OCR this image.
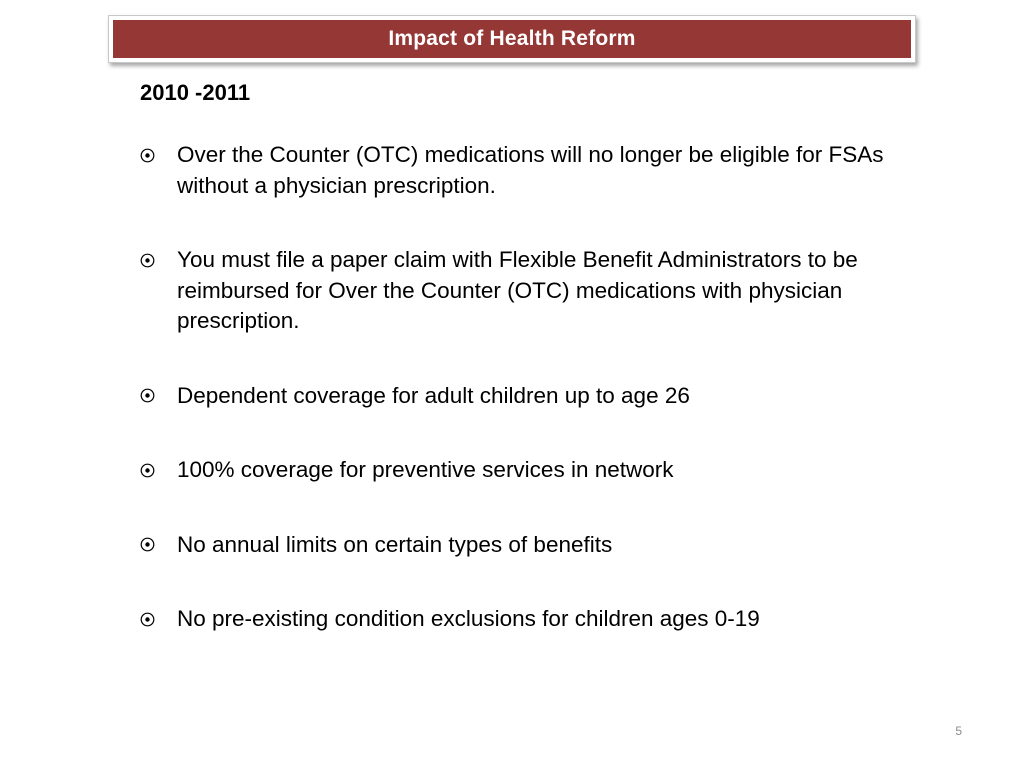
Impact of Health Reform
2010 -2011
Over the Counter (OTC) medications will no longer be eligible for FSAs without a physician prescription.
You must file a paper claim with Flexible Benefit Administrators to be reimbursed for Over the Counter (OTC) medications with physician prescription.
Dependent coverage for adult children up to age 26
100% coverage for preventive services in network
No annual limits on certain types of benefits
No pre-existing condition exclusions for children ages 0-19
5
